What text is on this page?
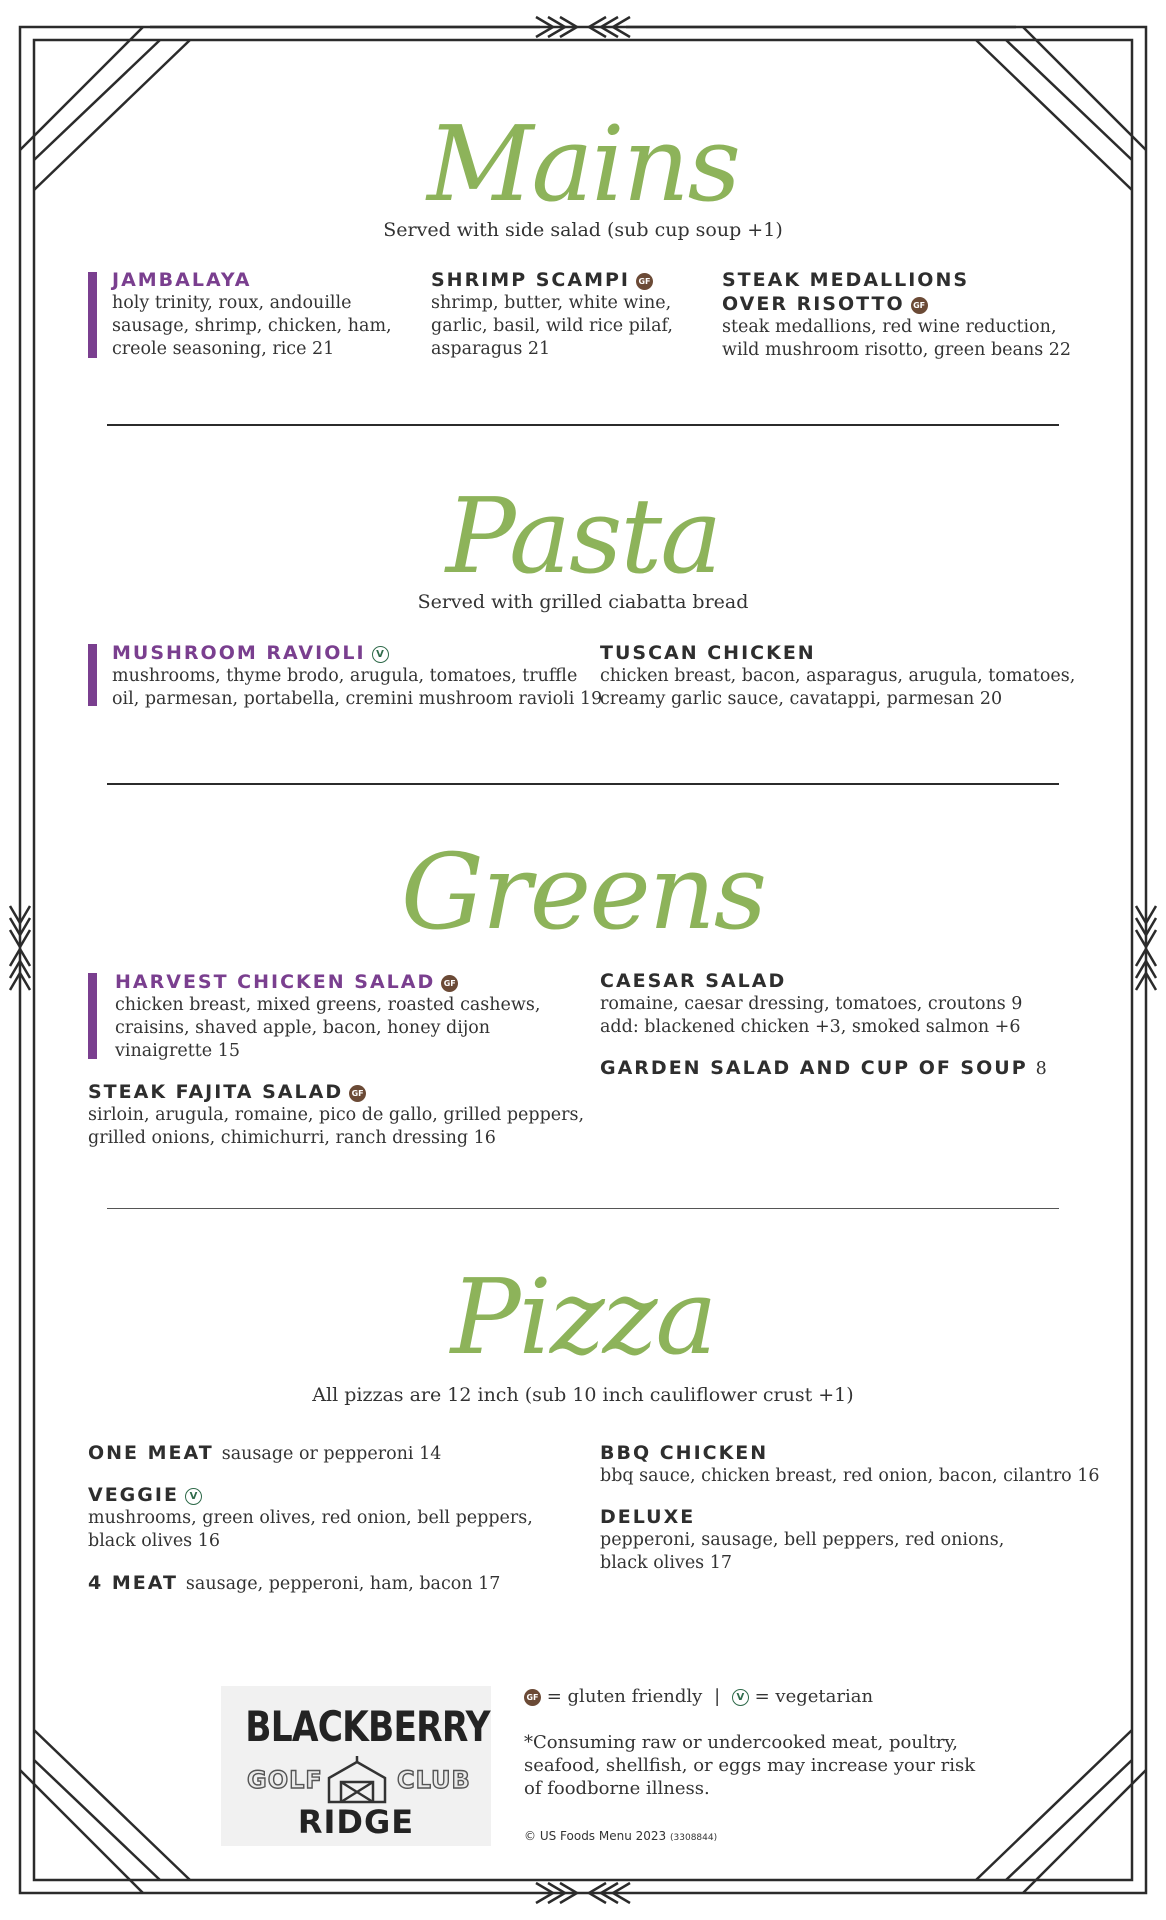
Mains
Served with side salad (sub cup soup +1)
JAMBALAYA
holy trinity, roux, andouille
sausage, shrimp, chicken, ham,
creole seasoning, rice 21
SHRIMP SCAMPI GF
shrimp, butter, white wine,
garlic, basil, wild rice pilaf,
asparagus 21
STEAK MEDALLIONS
OVER RISOTTO GF
steak medallions, red wine reduction,
wild mushroom risotto, green beans 22
Pasta
Served with grilled ciabatta bread
MUSHROOM RAVIOLI V
mushrooms, thyme brodo, arugula, tomatoes, truffle
oil, parmesan, portabella, cremini mushroom ravioli 19
TUSCAN CHICKEN
chicken breast, bacon, asparagus, arugula, tomatoes,
creamy garlic sauce, cavatappi, parmesan 20
Greens
HARVEST CHICKEN SALAD GF
chicken breast, mixed greens, roasted cashews,
craisins, shaved apple, bacon, honey dijon
vinaigrette 15
STEAK FAJITA SALAD GF
sirloin, arugula, romaine, pico de gallo, grilled peppers,
grilled onions, chimichurri, ranch dressing 16
CAESAR SALAD
romaine, caesar dressing, tomatoes, croutons 9
add: blackened chicken +3, smoked salmon +6
GARDEN SALAD AND CUP OF SOUP 8
Pizza
All pizzas are 12 inch (sub 10 inch cauliflower crust +1)
ONE MEAT sausage or pepperoni 14
VEGGIE V
mushrooms, green olives, red onion, bell peppers,
black olives 16
4 MEAT sausage, pepperoni, ham, bacon 17
BBQ CHICKEN
bbq sauce, chicken breast, red onion, bacon, cilantro 16
DELUXE
pepperoni, sausage, bell peppers, red onions,
black olives 17
BLACKBERRY
GOLF	CLUB
RIDGE
GF = gluten friendly | V = vegetarian
*Consuming raw or undercooked meat, poultry,
seafood, shellfish, or eggs may increase your risk
of foodborne illness.
© US Foods Menu 2023 (3308844)
